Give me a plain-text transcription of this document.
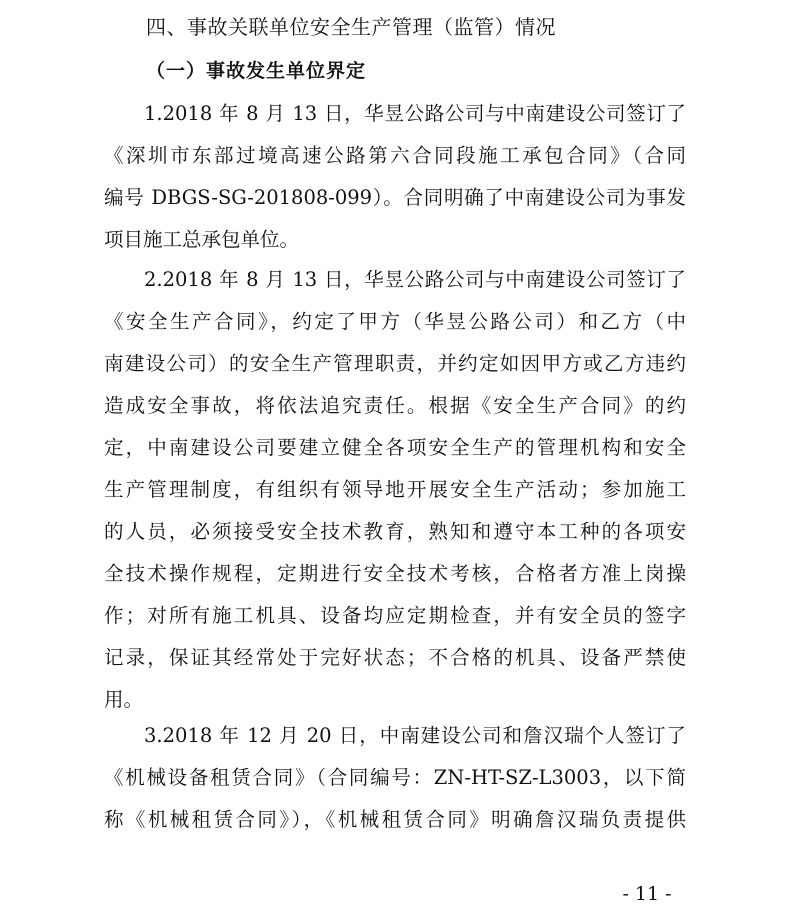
四、事故关联单位安全生产管理（监管）情况
（一）事故发生单位界定
1.2018 年 8 月 13 日，华昱公路公司与中南建设公司签订了
《深圳市东部过境高速公路第六合同段施工承包合同》（合同
编号 DBGS-SG-201808-099）。合同明确了中南建设公司为事发
项目施工总承包单位。
2.2018 年 8 月 13 日，华昱公路公司与中南建设公司签订了
《安全生产合同》，约定了甲方（华昱公路公司）和乙方（中
南建设公司）的安全生产管理职责，并约定如因甲方或乙方违约
造成安全事故，将依法追究责任。根据《安全生产合同》的约
定，中南建设公司要建立健全各项安全生产的管理机构和安全
生产管理制度，有组织有领导地开展安全生产活动；参加施工
的人员，必须接受安全技术教育，熟知和遵守本工种的各项安
全技术操作规程，定期进行安全技术考核，合格者方准上岗操
作；对所有施工机具、设备均应定期检查，并有安全员的签字
记录，保证其经常处于完好状态；不合格的机具、设备严禁使
用。
3.2018 年 12 月 20 日，中南建设公司和詹汉瑞个人签订了
《机械设备租赁合同》（合同编号：ZN-HT-SZ-L3003，以下简
称《机械租赁合同》），《机械租赁合同》明确詹汉瑞负责提供
- 11 -
